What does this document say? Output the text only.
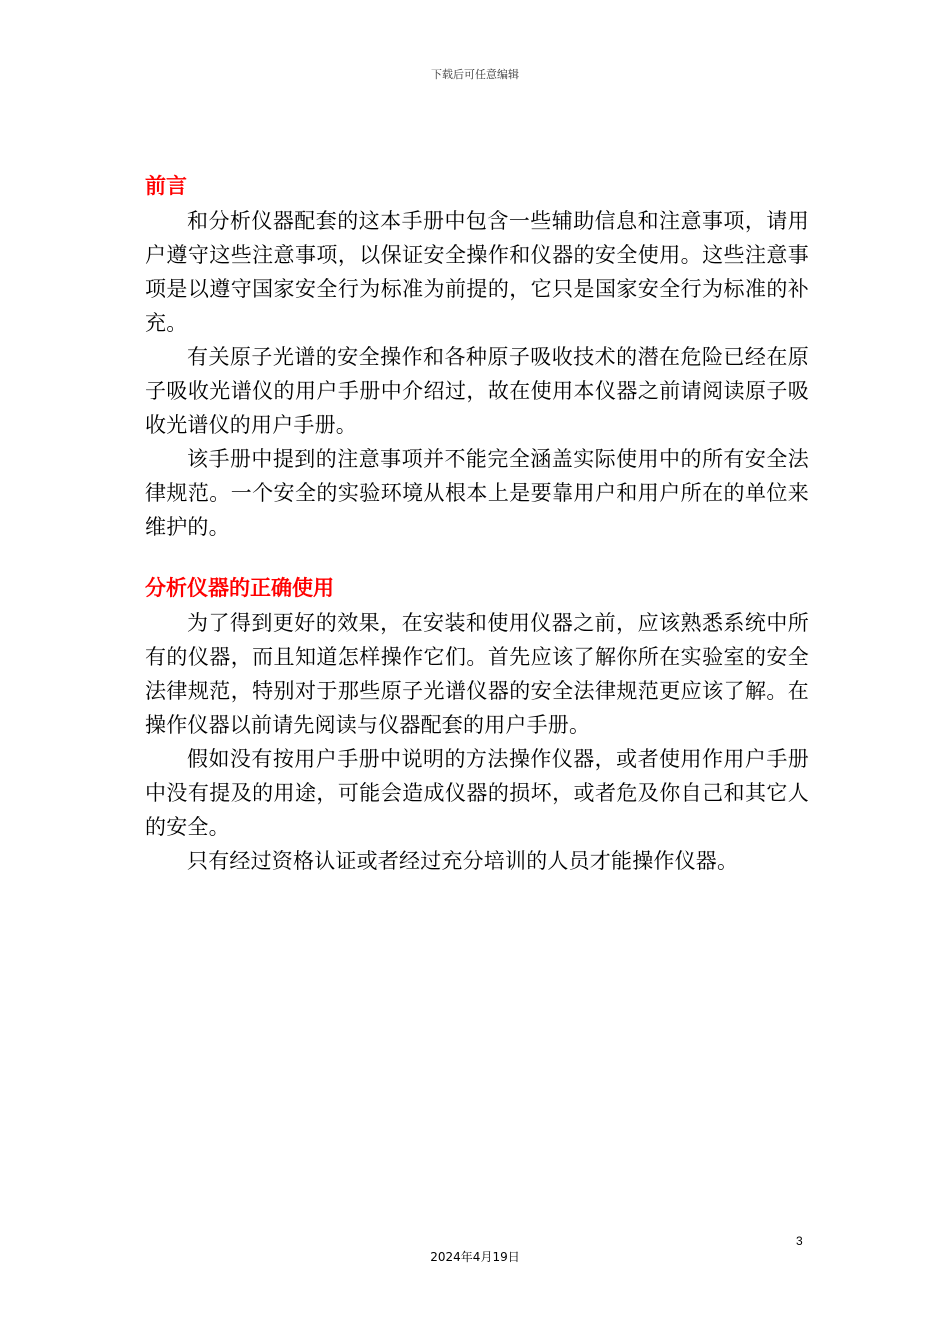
下载后可任意编辑
前言

和分析仪器配套的这本手册中包含一些辅助信息和注意事项，请用户遵守这些注意事项，以保证安全操作和仪器的安全使用。这些注意事项是以遵守国家安全行为标准为前提的，它只是国家安全行为标准的补充。

有关原子光谱的安全操作和各种原子吸收技术的潜在危险已经在原子吸收光谱仪的用户手册中介绍过，故在使用本仪器之前请阅读原子吸收光谱仪的用户手册。

该手册中提到的注意事项并不能完全涵盖实际使用中的所有安全法律规范。一个安全的实验环境从根本上是要靠用户和用户所在的单位来维护的。

分析仪器的正确使用

为了得到更好的效果，在安装和使用仪器之前，应该熟悉系统中所有的仪器，而且知道怎样操作它们。首先应该了解你所在实验室的安全法律规范，特别对于那些原子光谱仪器的安全法律规范更应该了解。在操作仪器以前请先阅读与仪器配套的用户手册。

假如没有按用户手册中说明的方法操作仪器，或者使用作用户手册中没有提及的用途，可能会造成仪器的损坏，或者危及你自己和其它人的安全。

只有经过资格认证或者经过充分培训的人员才能操作仪器。

3
2024年4月19日
